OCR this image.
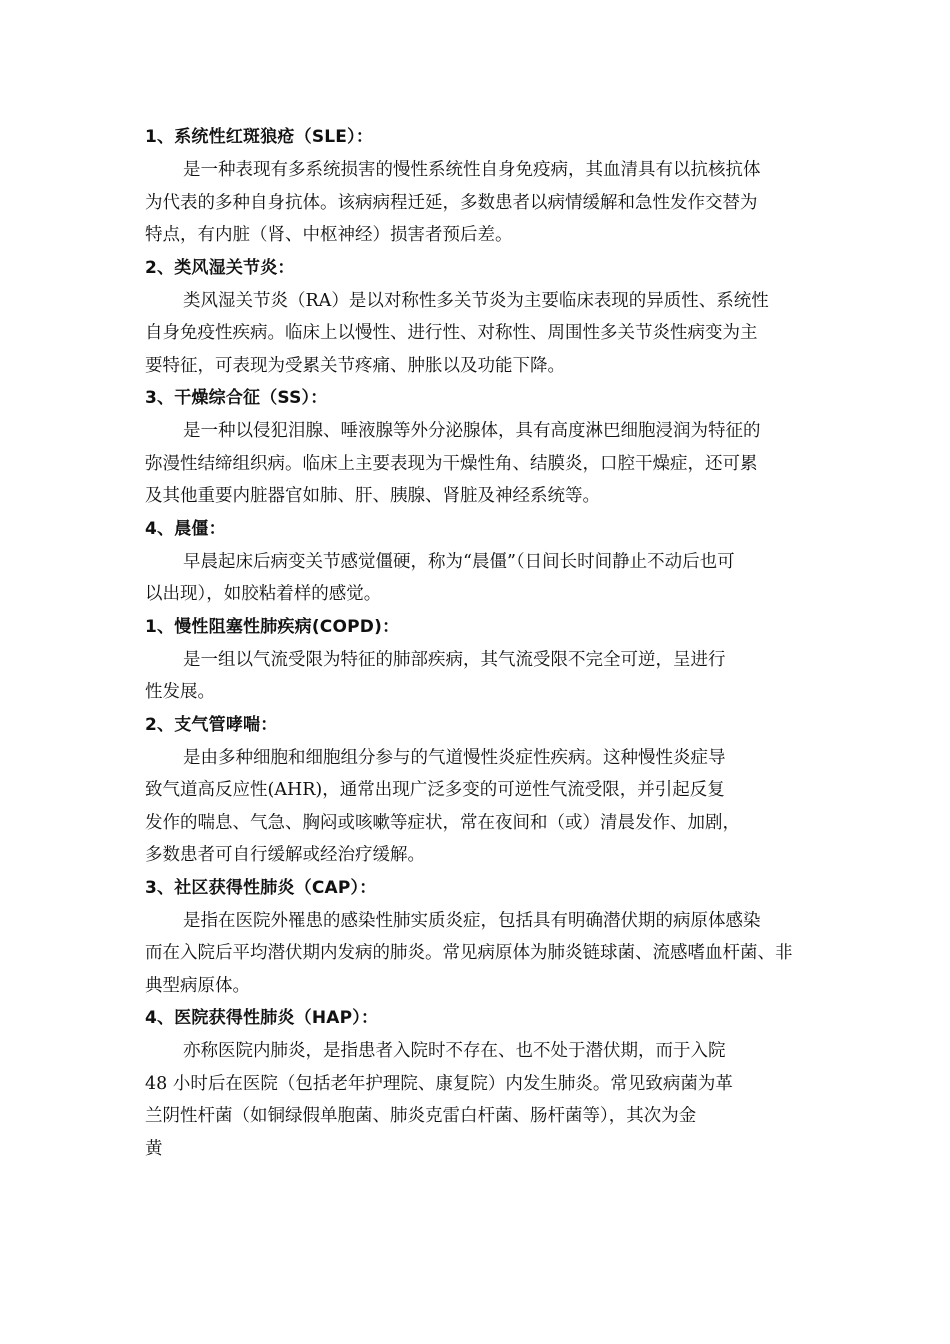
1、系统性红斑狼疮（SLE）：
是一种表现有多系统损害的慢性系统性自身免疫病，其血清具有以抗核抗体
为代表的多种自身抗体。该病病程迁延，多数患者以病情缓解和急性发作交替为
特点，有内脏（肾、中枢神经）损害者预后差。
2、类风湿关节炎：
类风湿关节炎（RA）是以对称性多关节炎为主要临床表现的异质性、系统性
自身免疫性疾病。临床上以慢性、进行性、对称性、周围性多关节炎性病变为主
要特征，可表现为受累关节疼痛、肿胀以及功能下降。
3、干燥综合征（SS）：
是一种以侵犯泪腺、唾液腺等外分泌腺体，具有高度淋巴细胞浸润为特征的
弥漫性结缔组织病。临床上主要表现为干燥性角、结膜炎，口腔干燥症，还可累
及其他重要内脏器官如肺、肝、胰腺、肾脏及神经系统等。
4、晨僵：
早晨起床后病变关节感觉僵硬，称为“晨僵”（日间长时间静止不动后也可
以出现），如胶粘着样的感觉。
1、慢性阻塞性肺疾病(COPD)：
是一组以气流受限为特征的肺部疾病，其气流受限不完全可逆，呈进行
性发展。
2、支气管哮喘：
是由多种细胞和细胞组分参与的气道慢性炎症性疾病。这种慢性炎症导
致气道高反应性(AHR)，通常出现广泛多变的可逆性气流受限，并引起反复
发作的喘息、气急、胸闷或咳嗽等症状，常在夜间和（或）清晨发作、加剧，
多数患者可自行缓解或经治疗缓解。
3、社区获得性肺炎（CAP）：
是指在医院外罹患的感染性肺实质炎症，包括具有明确潜伏期的病原体感染
而在入院后平均潜伏期内发病的肺炎。常见病原体为肺炎链球菌、流感嗜血杆菌、非
典型病原体。
4、医院获得性肺炎（HAP）：
亦称医院内肺炎，是指患者入院时不存在、也不处于潜伏期，而于入院
48 小时后在医院（包括老年护理院、康复院）内发生肺炎。常见致病菌为革
兰阴性杆菌（如铜绿假单胞菌、肺炎克雷白杆菌、肠杆菌等），其次为金
黄
